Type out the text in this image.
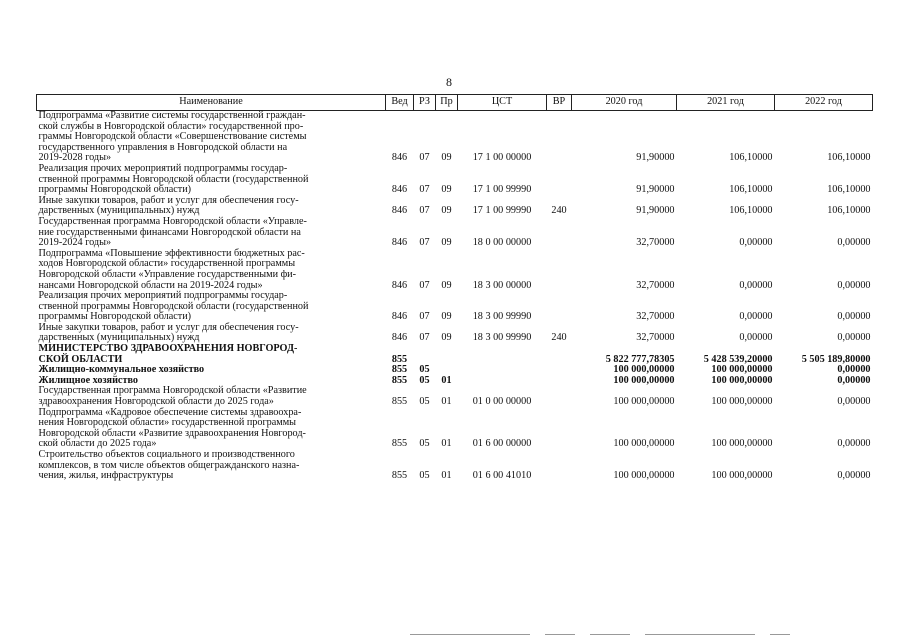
8
Наименование	Вед	РЗ	Пр	ЦСТ	ВР	2020 год	2021 год	2022 год
Подпрограмма «Развитие системы государственной граждан-
ской службы в Новгородской области» государственной про-
граммы Новгородской области «Совершенствование системы
государственного управления в Новгородской области на
2019-2028 годы»	846	07	09	17 1 00 00000		91,90000	106,10000	106,10000
Реализация прочих мероприятий подпрограммы государ-
ственной программы Новгородской области (государственной
программы Новгородской области)	846	07	09	17 1 00 99990		91,90000	106,10000	106,10000
Иные закупки товаров, работ и услуг для обеспечения госу-
дарственных (муниципальных) нужд	846	07	09	17 1 00 99990	240	91,90000	106,10000	106,10000
Государственная программа Новгородской области «Управле-
ние государственными финансами Новгородской области на
2019-2024 годы»	846	07	09	18 0 00 00000		32,70000	0,00000	0,00000
Подпрограмма «Повышение эффективности бюджетных рас-
ходов Новгородской области» государственной программы
Новгородской области «Управление государственными фи-
нансами Новгородской области на 2019-2024 годы»	846	07	09	18 3 00 00000		32,70000	0,00000	0,00000
Реализация прочих мероприятий подпрограммы государ-
ственной программы Новгородской области (государственной
программы Новгородской области)	846	07	09	18 3 00 99990		32,70000	0,00000	0,00000
Иные закупки товаров, работ и услуг для обеспечения госу-
дарственных (муниципальных) нужд	846	07	09	18 3 00 99990	240	32,70000	0,00000	0,00000
МИНИСТЕРСТВО ЗДРАВООХРАНЕНИЯ НОВГОРОД-
СКОЙ ОБЛАСТИ	855					5 822 777,78305	5 428 539,20000	5 505 189,80000
Жилищно-коммунальное хозяйство	855	05				100 000,00000	100 000,00000	0,00000
Жилищное хозяйство	855	05	01			100 000,00000	100 000,00000	0,00000
Государственная программа Новгородской области «Развитие
здравоохранения Новгородской области до 2025 года»	855	05	01	01 0 00 00000		100 000,00000	100 000,00000	0,00000
Подпрограмма «Кадровое обеспечение системы здравоохра-
нения Новгородской области» государственной программы
Новгородской области «Развитие здравоохранения Новгород-
ской области до 2025 года»	855	05	01	01 6 00 00000		100 000,00000	100 000,00000	0,00000
Строительство объектов социального и производственного
комплексов, в том числе объектов общегражданского назна-
чения, жилья, инфраструктуры	855	05	01	01 6 00 41010		100 000,00000	100 000,00000	0,00000
